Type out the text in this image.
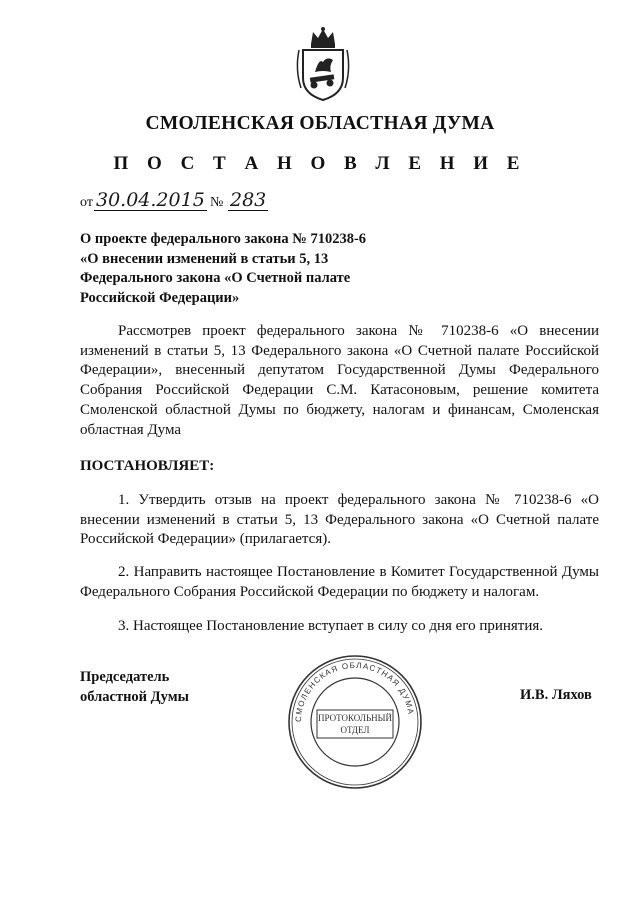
СМОЛЕНСКАЯ ОБЛАСТНАЯ ДУМА
П О С Т А Н О В Л Е Н И Е
от 30.04.2015 № 283
О проекте федерального закона № 710238-6
«О внесении изменений в статьи 5, 13
Федерального закона «О Счетной палате
Российской Федерации»
Рассмотрев проект федерального закона № 710238-6 «О внесении изменений в статьи 5, 13 Федерального закона «О Счетной палате Российской Федерации», внесенный депутатом Государственной Думы Федерального Собрания Российской Федерации С.М. Катасоновым, решение комитета Смоленской областной Думы по бюджету, налогам и финансам, Смоленская областная Дума
ПОСТАНОВЛЯЕТ:
1. Утвердить отзыв на проект федерального закона № 710238-6 «О внесении изменений в статьи 5, 13 Федерального закона «О Счетной палате Российской Федерации» (прилагается).
2. Направить настоящее Постановление в Комитет Государственной Думы Федерального Собрания Российской Федерации по бюджету и налогам.
3. Настоящее Постановление вступает в силу со дня его принятия.
Председатель
областной Думы	И.В. Ляхов
СМОЛЕНСКАЯ ОБЛАСТНАЯ ДУМА
ПРОТОКОЛЬНЫЙ
ОТДЕЛ
